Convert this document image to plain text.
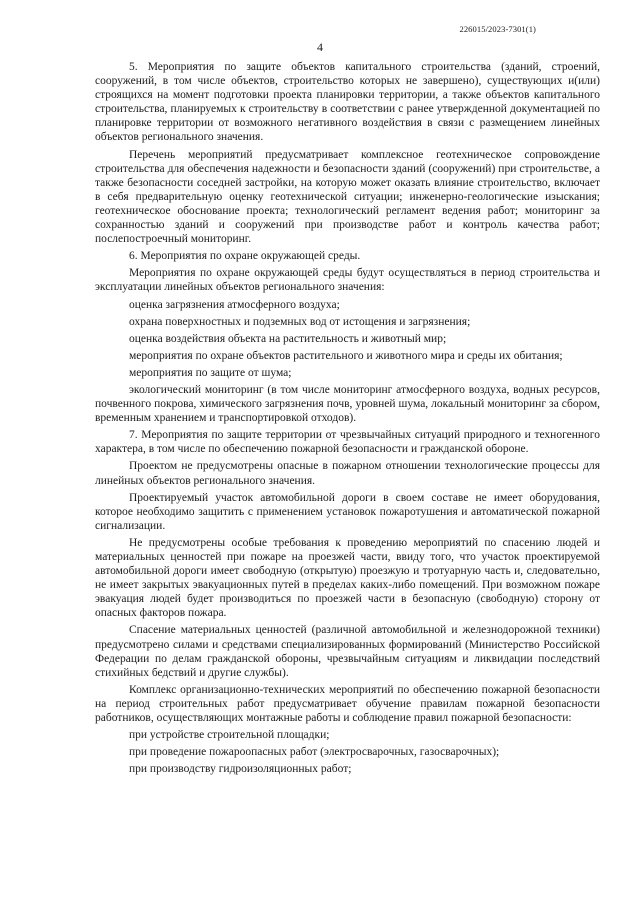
226015/2023-7301(1)
4

5. Мероприятия по защите объектов капитального строительства (зданий, строений, сооружений, в том числе объектов, строительство которых не завершено), существующих и(или) строящихся на момент подготовки проекта планировки территории, а также объектов капитального строительства, планируемых к строительству в соответствии с ранее утвержденной документацией по планировке территории от возможного негативного воздействия в связи с размещением линейных объектов регионального значения.

Перечень мероприятий предусматривает комплексное геотехническое сопровождение строительства для обеспечения надежности и безопасности зданий (сооружений) при строительстве, а также безопасности соседней застройки, на которую может оказать влияние строительство, включает в себя предварительную оценку геотехнической ситуации; инженерно-геологические изыскания; геотехническое обоснование проекта; технологический регламент ведения работ; мониторинг за сохранностью зданий и сооружений при производстве работ и контроль качества работ; послепостроечный мониторинг.

6. Мероприятия по охране окружающей среды.

Мероприятия по охране окружающей среды будут осуществляться в период строительства и эксплуатации линейных объектов регионального значения:

оценка загрязнения атмосферного воздуха;

охрана поверхностных и подземных вод от истощения и загрязнения;

оценка воздействия объекта на растительность и животный мир;

мероприятия по охране объектов растительного и животного мира и среды их обитания;

мероприятия по защите от шума;

экологический мониторинг (в том числе мониторинг атмосферного воздуха, водных ресурсов, почвенного покрова, химического загрязнения почв, уровней шума, локальный мониторинг за сбором, временным хранением и транспортировкой отходов).

7. Мероприятия по защите территории от чрезвычайных ситуаций природного и техногенного характера, в том числе по обеспечению пожарной безопасности и гражданской обороне.

Проектом не предусмотрены опасные в пожарном отношении технологические процессы для линейных объектов регионального значения.

Проектируемый участок автомобильной дороги в своем составе не имеет оборудования, которое необходимо защитить с применением установок пожаротушения и автоматической пожарной сигнализации.

Не предусмотрены особые требования к проведению мероприятий по спасению людей и материальных ценностей при пожаре на проезжей части, ввиду того, что участок проектируемой автомобильной дороги имеет свободную (открытую) проезжую и тротуарную часть и, следовательно, не имеет закрытых эвакуационных путей в пределах каких-либо помещений. При возможном пожаре эвакуация людей будет производиться по проезжей части в безопасную (свободную) сторону от опасных факторов пожара.

Спасение материальных ценностей (различной автомобильной и железнодорожной техники) предусмотрено силами и средствами специализированных формирований (Министерство Российской Федерации по делам гражданской обороны, чрезвычайным ситуациям и ликвидации последствий стихийных бедствий и другие службы).

Комплекс организационно-технических мероприятий по обеспечению пожарной безопасности на период строительных работ предусматривает обучение правилам пожарной безопасности работников, осуществляющих монтажные работы и соблюдение правил пожарной безопасности:

при устройстве строительной площадки;

при проведение пожароопасных работ (электросварочных, газосварочных);

при производству гидроизоляционных работ;
